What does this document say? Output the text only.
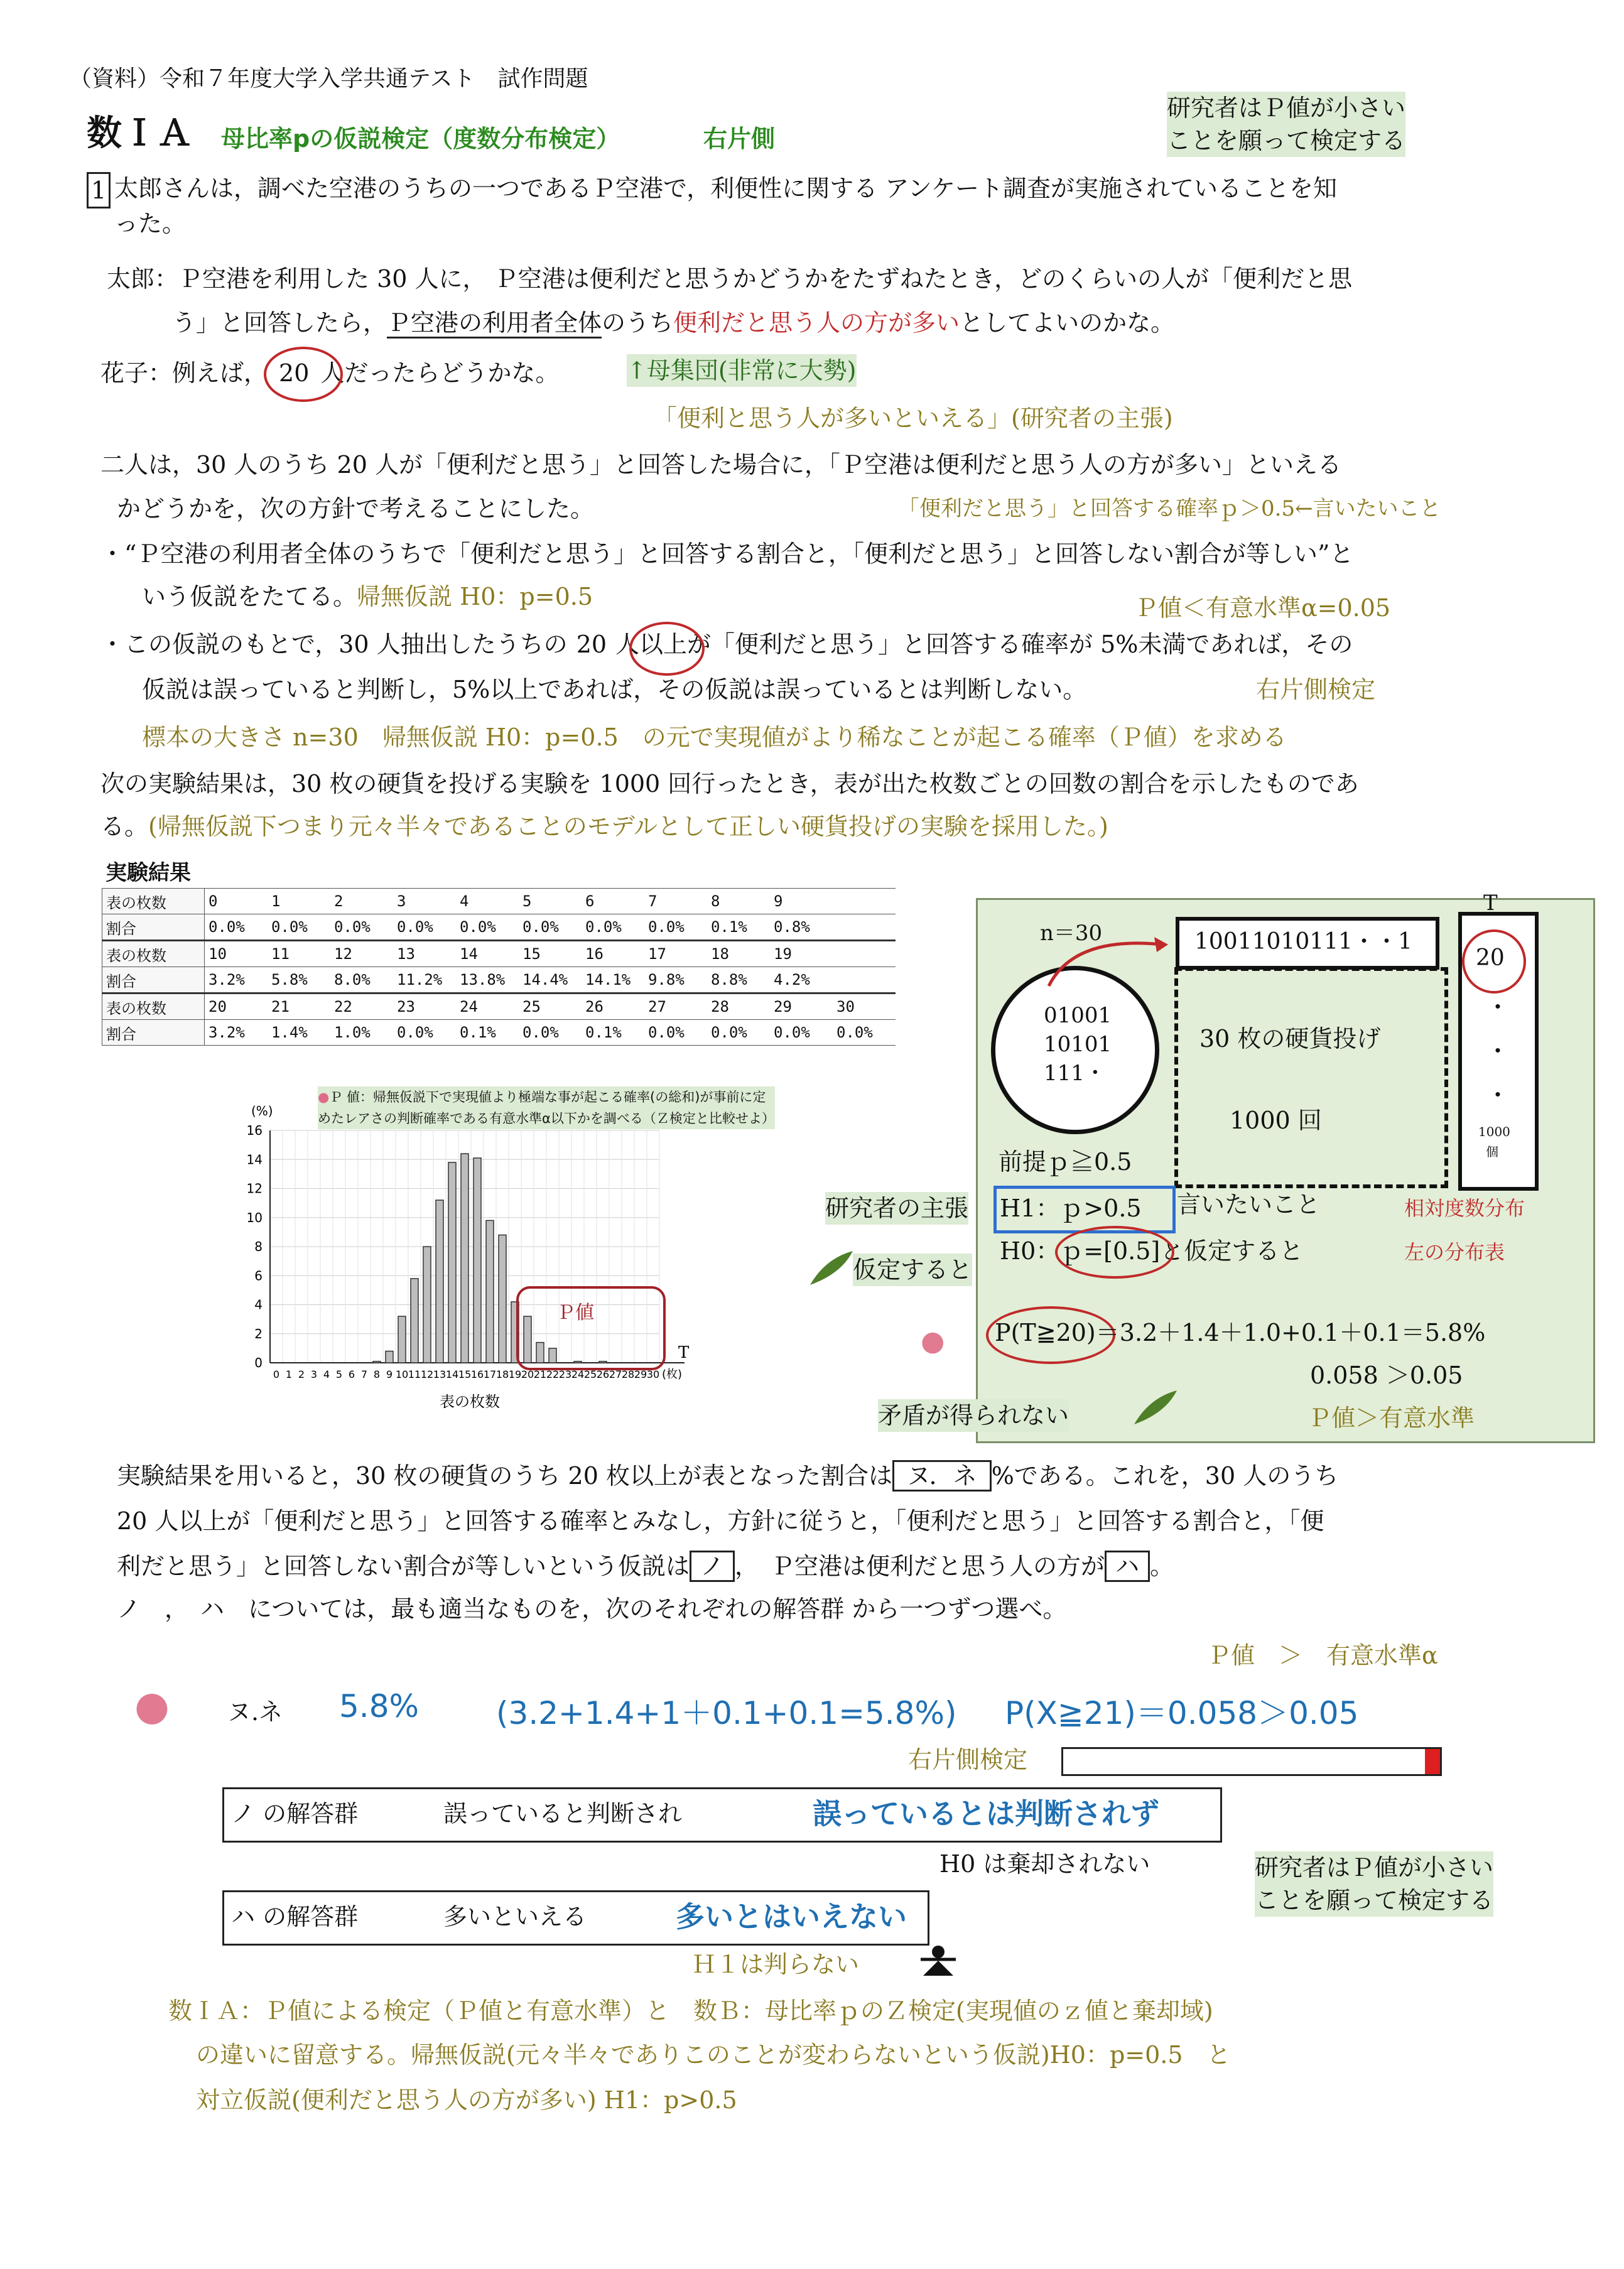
（資料）令和７年度大学入学共通テスト　試作問題
数ＩＡ 母比率pの仮説検定（度数分布検定）	右片側
研究者はＰ値が小さい
ことを願って検定する
1 太郎さんは，調べた空港のうちの一つであるＰ空港で，利便性に関する アンケート調査が実施されていることを知
った。
太郎：Ｐ空港を利用した 30 人に， Ｐ空港は便利だと思うかどうかをたずねたとき，どのくらいの人が「便利だと思
う」と回答したら，Ｐ空港の利用者全体のうち便利だと思う人の方が多いとしてよいのかな。
花子：例えば， 20 人だったらどうかな。	↑母集団(非常に大勢)
「便利と思う人が多いといえる」(研究者の主張)
二人は，30 人のうち 20 人が「便利だと思う」と回答した場合に，「Ｐ空港は便利だと思う人の方が多い」といえる
かどうかを，次の方針で考えることにした。	「便利だと思う」と回答する確率ｐ＞0.5←言いたいこと
・“Ｐ空港の利用者全体のうちで「便利だと思う」と回答する割合と，「便利だと思う」と回答しない割合が等しい”と
いう仮説をたてる。帰無仮説 H0：p=0.5	Ｐ値＜有意水準α=0.05
・この仮説のもとで，30 人抽出したうちの 20 人以上が「便利だと思う」と回答する確率が 5%未満であれば，その
仮説は誤っていると判断し，5%以上であれば，その仮説は誤っているとは判断しない。	右片側検定
標本の大きさ n=30　帰無仮説 H0：p=0.5　の元で実現値がより稀なことが起こる確率（Ｐ値）を求める
次の実験結果は，30 枚の硬貨を投げる実験を 1000 回行ったとき，表が出た枚数ごとの回数の割合を示したものであ
る。(帰無仮説下つまり元々半々であることのモデルとして正しい硬貨投げの実験を採用した。)
実験結果
表の枚数	0	1	2	3	4	5	6	7	8	9	
割合	0.0%	0.0%	0.0%	0.0%	0.0%	0.0%	0.0%	0.0%	0.1%	0.8%	
表の枚数	10	11	12	13	14	15	16	17	18	19	
割合	3.2%	5.8%	8.0%	11.2%	13.8%	14.4%	14.1%	9.8%	8.8%	4.2%	
表の枚数	20	21	22	23	24	25	26	27	28	29	30
割合	3.2%	1.4%	1.0%	0.0%	0.1%	0.0%	0.1%	0.0%	0.0%	0.0%	0.0%
●Ｐ 値：帰無仮説下で実現値より極端な事が起こる確率(の総和)が事前に定
めたレアさの判断確率である有意水準α以下かを調べる（Ｚ検定と比較せよ）
0
2
4
6
8
10
12
14
16
0 1 2 3 4 5 6 7 8 9 10 11 12 13 14 15 16 17 18 19 20 21 22 23 24 25 26 27 28 29 30
(%)
表の枚数
(枚)
T
Ｐ値
n＝30
01001
10101
111・
10011010111・・1
30 枚の硬貨投げ
1000 回
T
20
・
・
・
1000
個
前提ｐ≧0.5
研究者の主張 H1：ｐ>0.5 言いたいこと	相対度数分布
H0：ｐ=[0.5]と仮定すると	左の分布表
仮定すると
● P(T≧20)＝3.2＋1.4＋1.0+0.1＋0.1＝5.8%
0.058 ＞0.05
矛盾が得られない	Ｐ値＞有意水準
実験結果を用いると，30 枚の硬貨のうち 20 枚以上が表となった割合は ヌ．ネ %である。これを，30 人のうち
20 人以上が「便利だと思う」と回答する確率とみなし，方針に従うと，「便利だと思う」と回答する割合と，「便
利だと思う」と回答しない割合が等しいという仮説は ノ ，　Ｐ空港は便利だと思う人の方が ハ 。
ノ　，　ハ　については，最も適当なものを，次のそれぞれの解答群 から一つずつ選べ。
Ｐ値　＞　有意水準α
● ヌ.ネ 5.8% (3.2+1.4+1＋0.1+0.1=5.8%) P(X≧21)＝0.058＞0.05
右片側検定
ノ の解答群	誤っていると判断され	誤っているとは判断されず
H0 は棄却されない	研究者はＰ値が小さい
ことを願って検定する
ハ の解答群	多いといえる	多いとはいえない
Ｈ１は判らない
数ＩＡ：Ｐ値による検定（Ｐ値と有意水準）と　数Ｂ：母比率ｐのＺ検定(実現値のｚ値と棄却域)
の違いに留意する。帰無仮説(元々半々でありこのことが変わらないという仮説)H0：p=0.5　と
対立仮説(便利だと思う人の方が多い) H1：p>0.5
